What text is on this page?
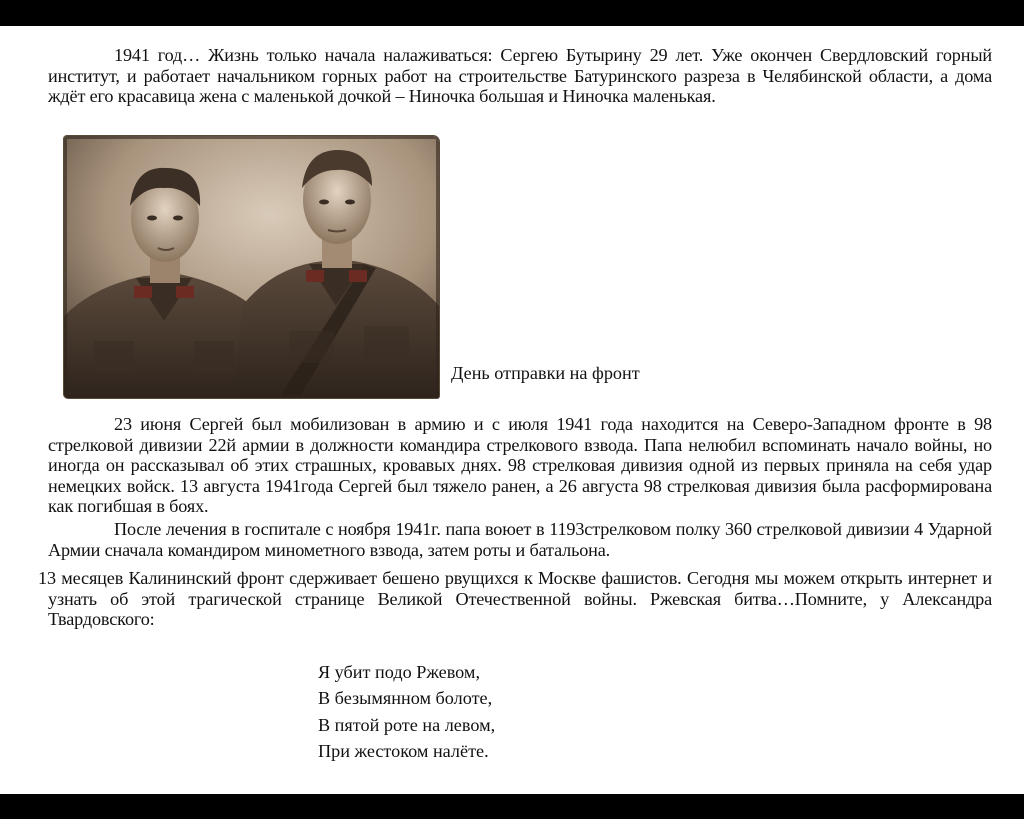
1941 год… Жизнь только начала налаживаться: Сергею Бутырину 29 лет. Уже окончен Свердловский горный институт, и работает начальником горных работ на строительстве Батуринского разреза в Челябинской области, а дома ждёт его красавица жена с маленькой дочкой – Ниночка большая и Ниночка маленькая.

День отправки на фронт

23 июня Сергей был мобилизован в армию и с июля 1941 года находится на Северо-Западном фронте в 98 стрелковой дивизии 22й армии в должности командира стрелкового взвода. Папа нелюбил вспоминать начало войны, но иногда он рассказывал об этих страшных, кровавых днях. 98 стрелковая дивизия одной из первых приняла на себя удар немецких войск. 13 августа 1941года Сергей был тяжело ранен, а 26 августа 98 стрелковая дивизия была расформирована как погибшая в боях.

После лечения в госпитале с ноября 1941г. папа воюет в 1193стрелковом полку 360 стрелковой дивизии 4 Ударной Армии сначала командиром минометного взвода, затем роты и батальона.

13 месяцев Калининский фронт сдерживает бешено рвущихся к Москве фашистов. Сегодня мы можем открыть интернет и узнать об этой трагической странице Великой Отечественной войны. Ржевская битва…Помните, у Александра Твардовского:

Я убит подо Ржевом,
В безымянном болоте,
В пятой роте на левом,
При жестоком налёте.
